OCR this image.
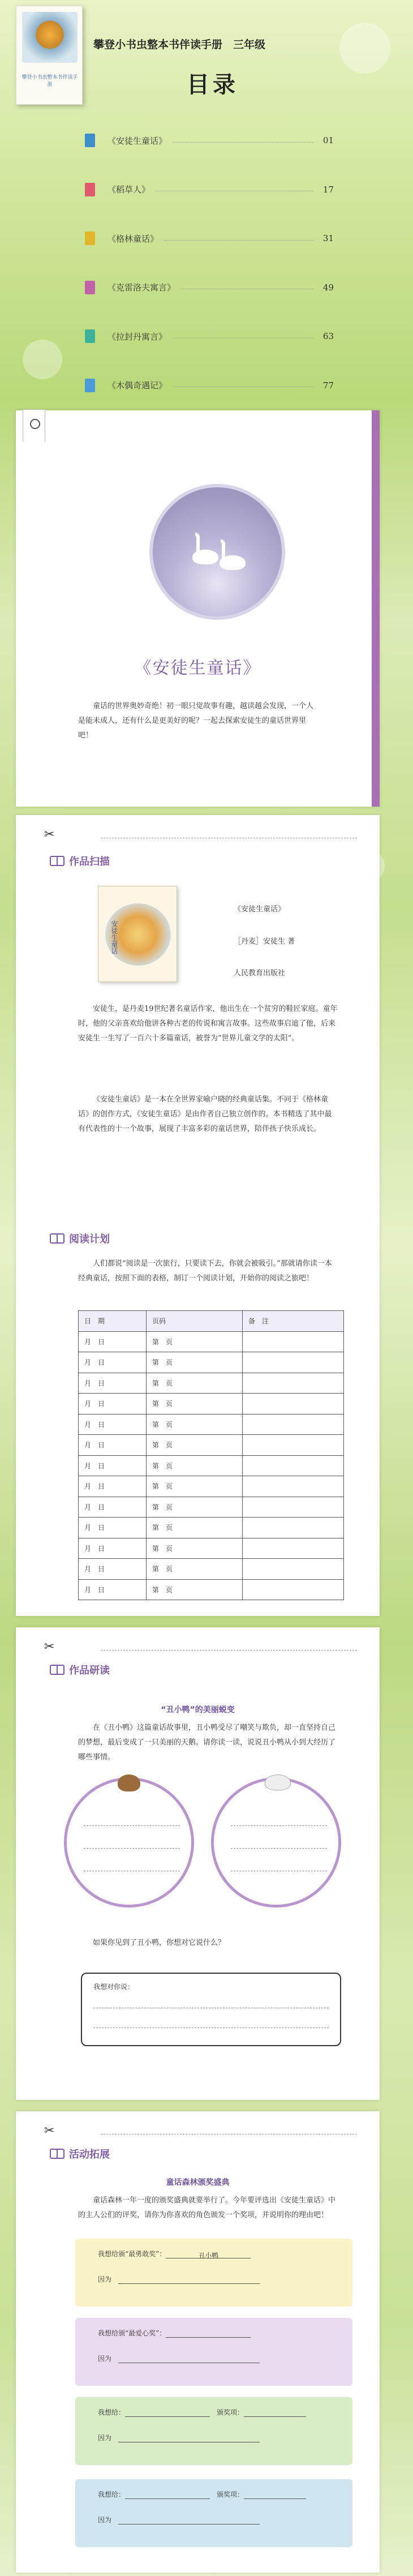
攀登小书虫整本书伴读手册
攀登小书虫整本书伴读手册　三年级
目录
《安徒生童话》	01
《稻草人》	17
《格林童话》	31
《克雷洛夫寓言》	49
《拉封丹寓言》	63
《木偶奇遇记》	77
《安徒生童话》
童话的世界奥妙奇绝！初一眼只觉故事有趣，越读越会发现，一个人是能未成人，还有什么是更美好的呢？一起去探索安徒生的童话世界里吧！
✂
作品扫描
安徒生童话
《安徒生童话》
［丹麦］安徒生 著
人民教育出版社
安徒生，是丹麦19世纪著名童话作家，他出生在一个贫穷的鞋匠家庭。童年时，他的父亲喜欢给他讲各种古老的传说和寓言故事。这些故事启迪了他，后来安徒生一生写了一百六十多篇童话，被誉为“世界儿童文学的太阳”。
《安徒生童话》是一本在全世界家喻户晓的经典童话集。不同于《格林童话》的创作方式，《安徒生童话》是由作者自己独立创作的。本书精选了其中最有代表性的十一个故事，展现了丰富多彩的童话世界，陪伴孩子快乐成长。
阅读计划
人们都说“阅读是一次旅行，只要读下去，你就会被吸引。”那就请你读一本经典童话，按照下面的表格，制订一个阅读计划，开始你的阅读之旅吧！
日　期	页码	备　注
月　日	第　页	
月　日	第　页	
月　日	第　页	
月　日	第　页	
月　日	第　页	
月　日	第　页	
月　日	第　页	
月　日	第　页	
月　日	第　页	
月　日	第　页	
月　日	第　页	
月　日	第　页	
月　日	第　页	
✂
作品研读
“丑小鸭”的美丽蜕变
在《丑小鸭》这篇童话故事里，丑小鸭受尽了嘲笑与欺负，却一直坚持自己的梦想，最后变成了一只美丽的天鹅。请你读一读，说说丑小鸭从小到大经历了哪些事情。
如果你见到了丑小鸭，你想对它说什么？
我想对你说：
✂
活动拓展
童话森林颁奖盛典
童话森林一年一度的颁奖盛典就要举行了。今年要评选出《安徒生童话》中的主人公们的评奖，请你为你喜欢的角色颁发一个奖项，并说明你的理由吧！
我想给颁“最勇敢奖”：	丑小鸭
因为　
我想给颁“最爱心奖”：
因为　
我想给：　	颁奖项：
因为　
我想给：　	颁奖项：
因为　
